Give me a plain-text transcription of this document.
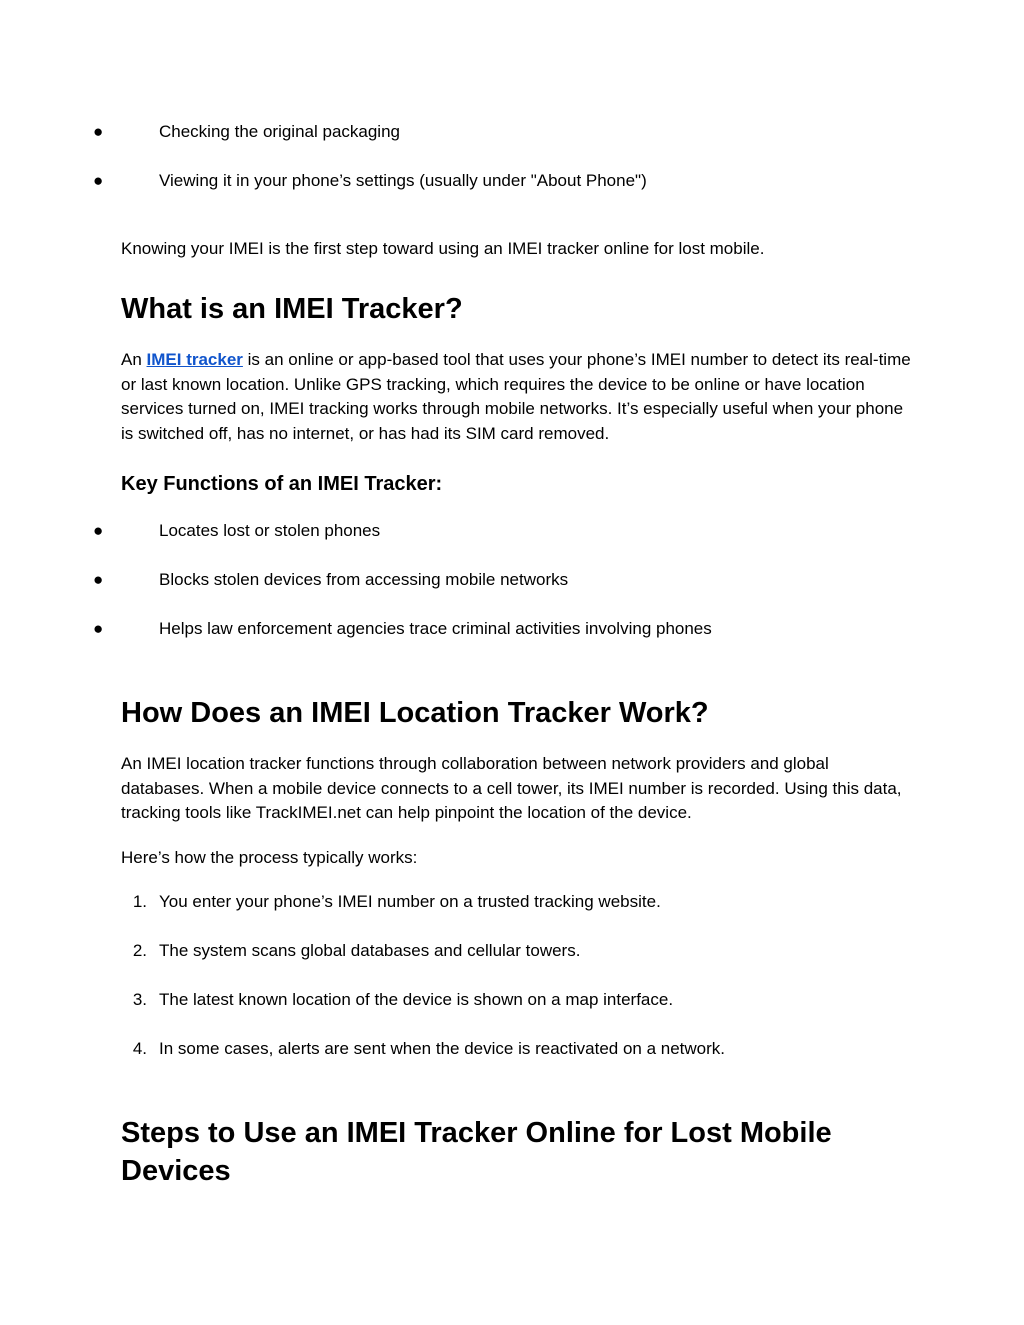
●	Checking the original packaging
●	Viewing it in your phone’s settings (usually under "About Phone")

Knowing your IMEI is the first step toward using an IMEI tracker online for lost mobile.

What is an IMEI Tracker?

An IMEI tracker is an online or app-based tool that uses your phone’s IMEI number to detect its real-time or last known location. Unlike GPS tracking, which requires the device to be online or have location services turned on, IMEI tracking works through mobile networks. It’s especially useful when your phone is switched off, has no internet, or has had its SIM card removed.

Key Functions of an IMEI Tracker:
●	Locates lost or stolen phones
●	Blocks stolen devices from accessing mobile networks
●	Helps law enforcement agencies trace criminal activities involving phones
How Does an IMEI Location Tracker Work?

An IMEI location tracker functions through collaboration between network providers and global databases. When a mobile device connects to a cell tower, its IMEI number is recorded. Using this data, tracking tools like TrackIMEI.net can help pinpoint the location of the device.

Here’s how the process typically works:

1. You enter your phone’s IMEI number on a trusted tracking website.
2. The system scans global databases and cellular towers.
3. The latest known location of the device is shown on a map interface.
4. In some cases, alerts are sent when the device is reactivated on a network.
Steps to Use an IMEI Tracker Online for Lost Mobile Devices
